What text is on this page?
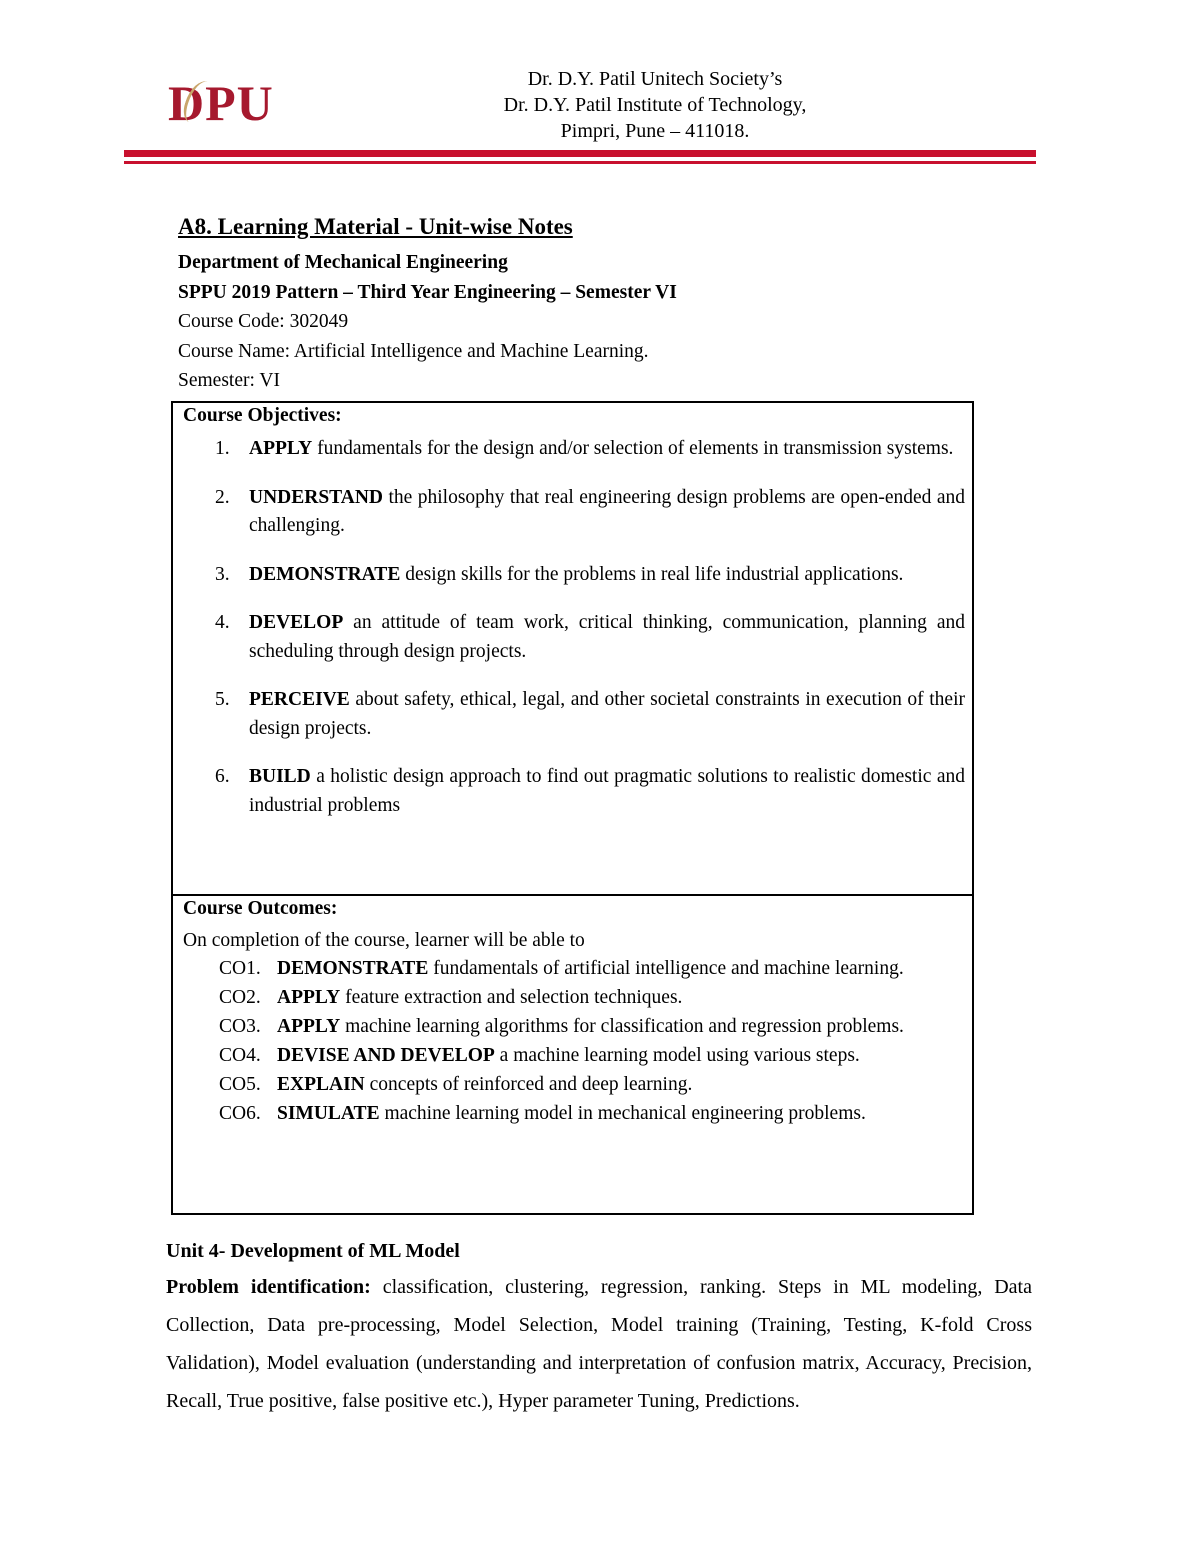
DPU	Dr. D.Y. Patil Unitech Society’s
Dr. D.Y. Patil Institute of Technology,
Pimpri, Pune – 411018.
A8. Learning Material - Unit-wise Notes
Department of Mechanical Engineering
SPPU 2019 Pattern – Third Year Engineering – Semester VI
Course Code: 302049
Course Name: Artificial Intelligence and Machine Learning.
Semester: VI
Course Objectives:
1. APPLY fundamentals for the design and/or selection of elements in transmission systems.
2. UNDERSTAND the philosophy that real engineering design problems are open-ended and challenging.
3. DEMONSTRATE design skills for the problems in real life industrial applications.
4. DEVELOP an attitude of team work, critical thinking, communication, planning and scheduling through design projects.
5. PERCEIVE about safety, ethical, legal, and other societal constraints in execution of their design projects.
6. BUILD a holistic design approach to find out pragmatic solutions to realistic domestic and industrial problems
Course Outcomes:
On completion of the course, learner will be able to
CO1. DEMONSTRATE fundamentals of artificial intelligence and machine learning.
CO2. APPLY feature extraction and selection techniques.
CO3. APPLY machine learning algorithms for classification and regression problems.
CO4. DEVISE AND DEVELOP a machine learning model using various steps.
CO5. EXPLAIN concepts of reinforced and deep learning.
CO6. SIMULATE machine learning model in mechanical engineering problems.
Unit 4- Development of ML Model
Problem identification: classification, clustering, regression, ranking. Steps in ML modeling, Data Collection, Data pre-processing, Model Selection, Model training (Training, Testing, K-fold Cross Validation), Model evaluation (understanding and interpretation of confusion matrix, Accuracy, Precision, Recall, True positive, false positive etc.), Hyper parameter Tuning, Predictions.
